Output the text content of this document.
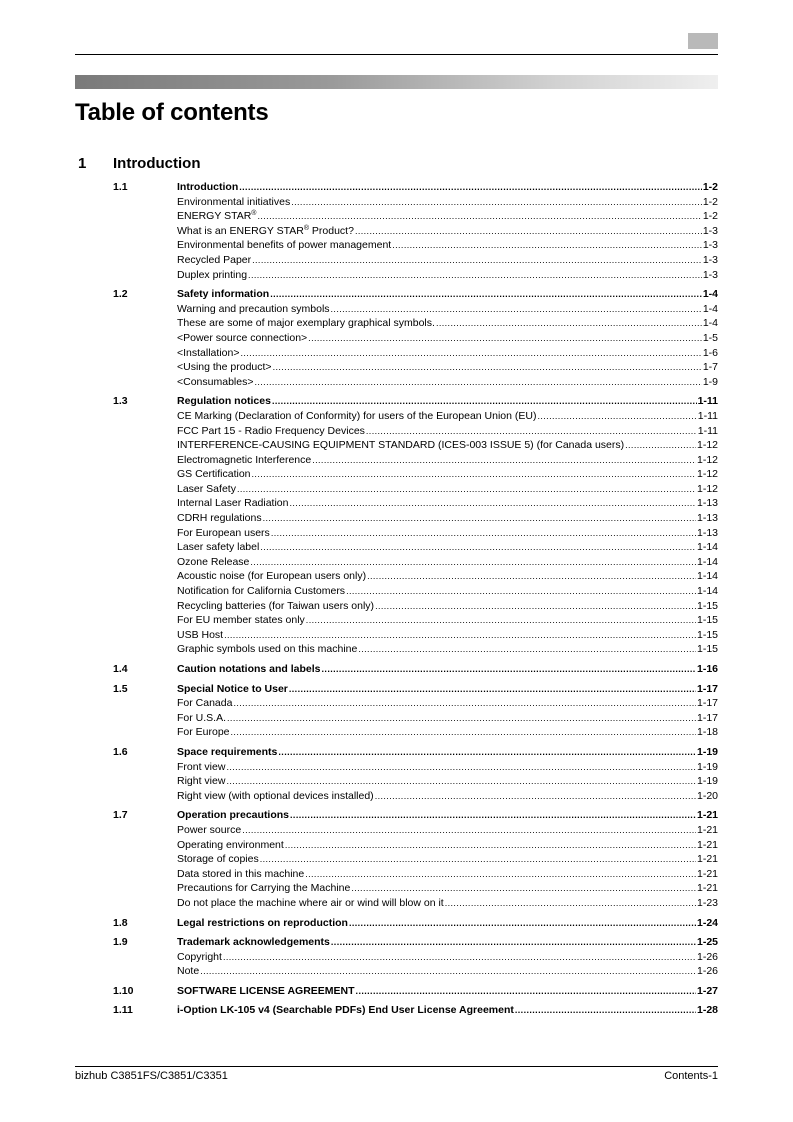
Table of contents
1 Introduction
1.1	Introduction .....	1-2
Environmental initiatives .....	1-2
ENERGY STAR® .....	1-2
What is an ENERGY STAR® Product? .....	1-3
Environmental benefits of power management .....	1-3
Recycled Paper .....	1-3
Duplex printing .....	1-3
1.2	Safety information .....	1-4
Warning and precaution symbols .....	1-4
These are some of major exemplary graphical symbols. .....	1-4
<Power source connection> .....	1-5
<Installation> .....	1-6
<Using the product> .....	1-7
<Consumables> .....	1-9
1.3	Regulation notices .....	1-11
CE Marking (Declaration of Conformity) for users of the European Union (EU) .....	1-11
FCC Part 15 - Radio Frequency Devices .....	1-11
INTERFERENCE-CAUSING EQUIPMENT STANDARD (ICES-003 ISSUE 5) (for Canada users) .....	1-12
Electromagnetic Interference .....	1-12
GS Certification .....	1-12
Laser Safety .....	1-12
Internal Laser Radiation .....	1-13
CDRH regulations .....	1-13
For European users .....	1-13
Laser safety label .....	1-14
Ozone Release .....	1-14
Acoustic noise (for European users only) .....	1-14
Notification for California Customers .....	1-14
Recycling batteries (for Taiwan users only) .....	1-15
For EU member states only .....	1-15
USB Host .....	1-15
Graphic symbols used on this machine .....	1-15
1.4	Caution notations and labels .....	1-16
1.5	Special Notice to User .....	1-17
For Canada .....	1-17
For U.S.A. .....	1-17
For Europe .....	1-18
1.6	Space requirements .....	1-19
Front view .....	1-19
Right view .....	1-19
Right view (with optional devices installed) .....	1-20
1.7	Operation precautions .....	1-21
Power source .....	1-21
Operating environment .....	1-21
Storage of copies .....	1-21
Data stored in this machine .....	1-21
Precautions for Carrying the Machine .....	1-21
Do not place the machine where air or wind will blow on it .....	1-23
1.8	Legal restrictions on reproduction .....	1-24
1.9	Trademark acknowledgements .....	1-25
Copyright .....	1-26
Note .....	1-26
1.10	SOFTWARE LICENSE AGREEMENT .....	1-27
1.11	i-Option LK-105 v4 (Searchable PDFs) End User License Agreement .....	1-28
bizhub C3851FS/C3851/C3351	Contents-1
